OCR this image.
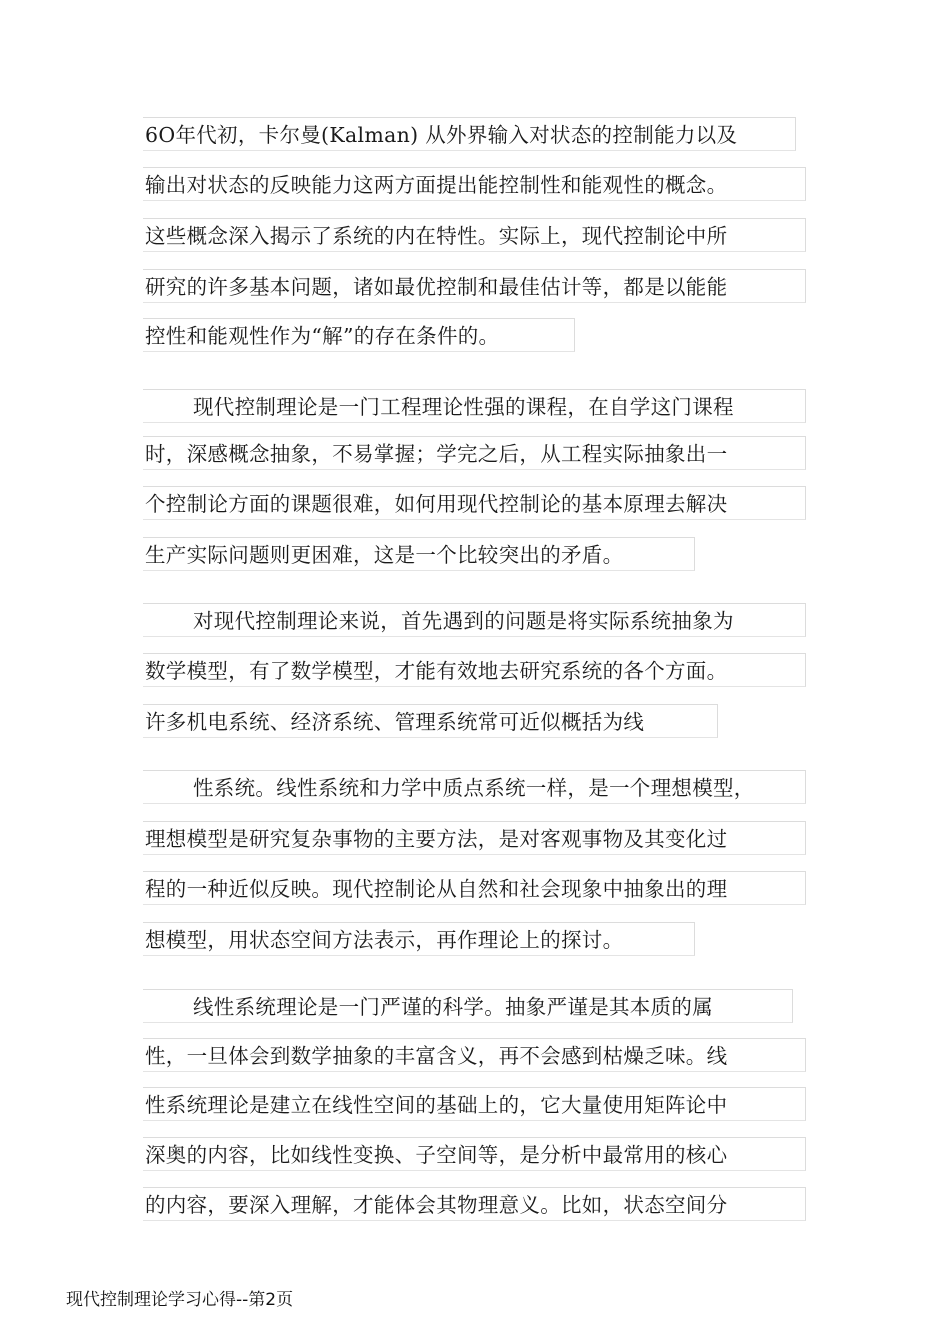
6O年代初，卡尔曼(Kalman) 从外界输入对状态的控制能力以及
输出对状态的反映能力这两方面提出能控制性和能观性的概念。
这些概念深入揭示了系统的内在特性。实际上，现代控制论中所
研究的许多基本问题，诸如最优控制和最佳估计等，都是以能能
控性和能观性作为“解”的存在条件的。
现代控制理论是一门工程理论性强的课程，在自学这门课程
时，深感概念抽象，不易掌握；学完之后，从工程实际抽象出一
个控制论方面的课题很难，如何用现代控制论的基本原理去解决
生产实际问题则更困难，这是一个比较突出的矛盾。
对现代控制理论来说，首先遇到的问题是将实际系统抽象为
数学模型，有了数学模型，才能有效地去研究系统的各个方面。
许多机电系统、经济系统、管理系统常可近似概括为线
性系统。线性系统和力学中质点系统一样，是一个理想模型，
理想模型是研究复杂事物的主要方法，是对客观事物及其变化过
程的一种近似反映。现代控制论从自然和社会现象中抽象出的理
想模型，用状态空间方法表示，再作理论上的探讨。
线性系统理论是一门严谨的科学。抽象严谨是其本质的属
性，一旦体会到数学抽象的丰富含义，再不会感到枯燥乏味。线
性系统理论是建立在线性空间的基础上的，它大量使用矩阵论中
深奥的内容，比如线性变换、子空间等，是分析中最常用的核心
的内容，要深入理解，才能体会其物理意义。比如，状态空间分
现代控制理论学习心得--第2页
